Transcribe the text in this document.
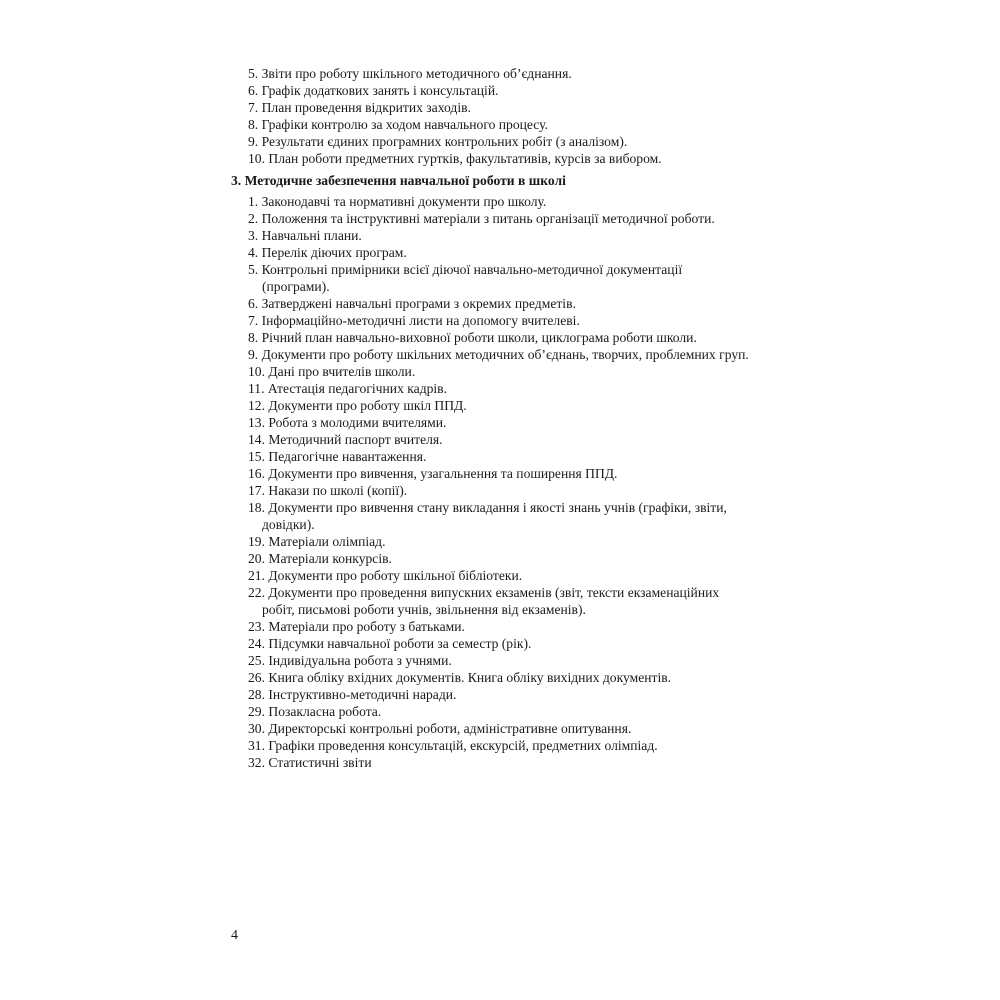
5. Звіти про роботу шкільного методичного об’єднання.
6. Графік додаткових занять і консультацій.
7. План проведення відкритих заходів.
8. Графіки контролю за ходом навчального процесу.
9. Результати єдиних програмних контрольних робіт (з аналізом).
10. План роботи предметних гуртків, факультативів, курсів за вибором.
3. Методичне забезпечення навчальної роботи в школі
1. Законодавчі та нормативні документи про школу.
2. Положення та інструктивні матеріали з питань організації методичної роботи.
3. Навчальні плани.
4. Перелік діючих програм.
5. Контрольні примірники всієї діючої навчально-методичної документації
(програми).
6. Затверджені навчальні програми з окремих предметів.
7. Інформаційно-методичні листи на допомогу вчителеві.
8. Річний план навчально-виховної роботи школи, циклограма роботи школи.
9. Документи про роботу шкільних методичних об’єднань, творчих, проблемних груп.
10. Дані про вчителів школи.
11. Атестація педагогічних кадрів.
12. Документи про роботу шкіл ППД.
13. Робота з молодими вчителями.
14. Методичний паспорт вчителя.
15. Педагогічне навантаження.
16. Документи про вивчення, узагальнення та поширення ППД.
17. Накази по школі (копії).
18. Документи про вивчення стану викладання і якості знань учнів (графіки, звіти,
довідки).
19. Матеріали олімпіад.
20. Матеріали конкурсів.
21. Документи про роботу шкільної бібліотеки.
22. Документи про проведення випускних екзаменів (звіт, тексти екзаменаційних
робіт, письмові роботи учнів, звільнення від екзаменів).
23. Матеріали про роботу з батьками.
24. Підсумки навчальної роботи за семестр (рік).
25. Індивідуальна робота з учнями.
26. Книга обліку вхідних документів. Книга обліку вихідних документів.
28. Інструктивно-методичні наради.
29. Позакласна робота.
30. Директорські контрольні роботи, адміністративне опитування.
31. Графіки проведення консультацій, екскурсій, предметних олімпіад.
32. Статистичні звіти
4
